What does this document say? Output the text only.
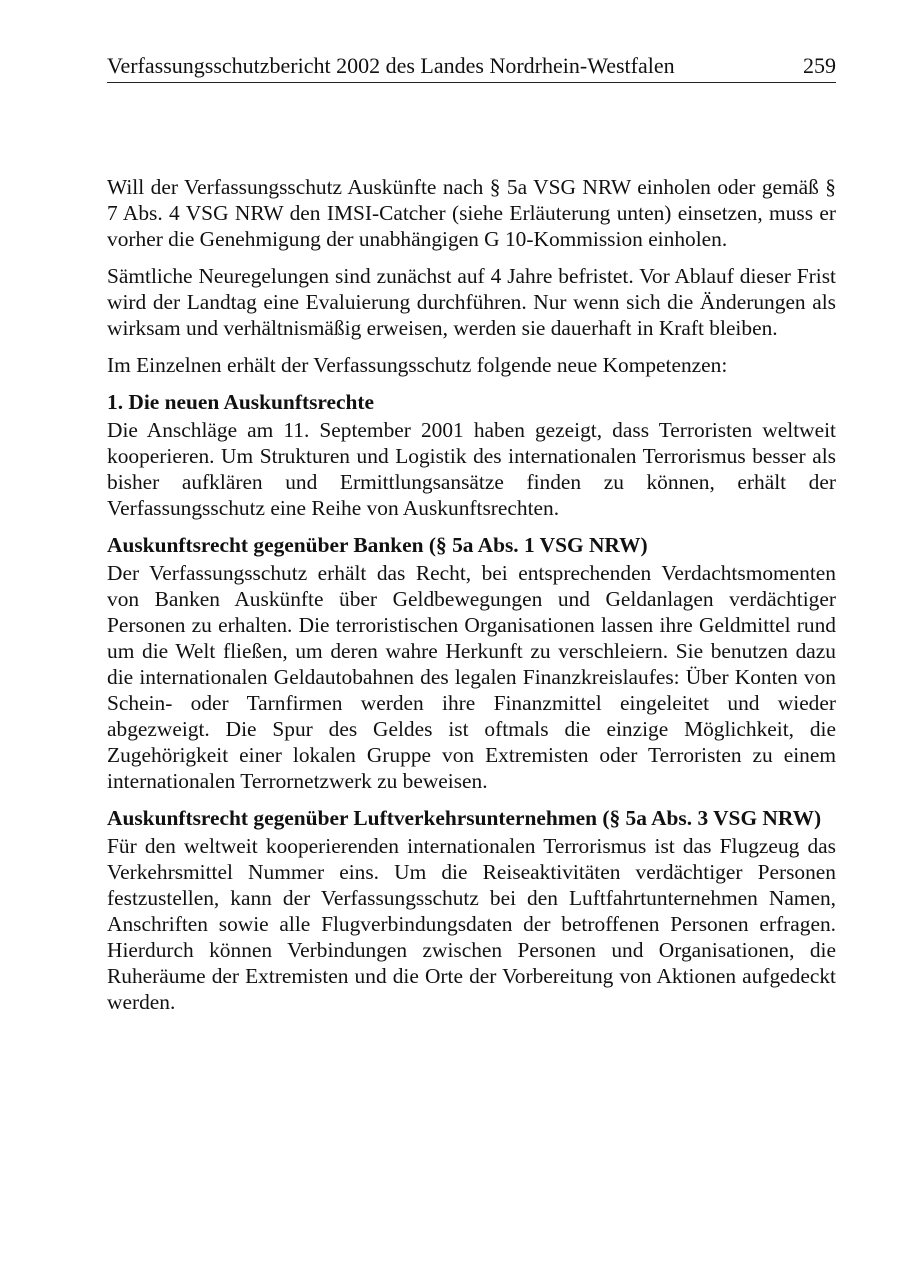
Verfassungsschutzbericht 2002 des Landes Nordrhein-Westfalen	259

Will der Verfassungsschutz Auskünfte nach § 5a VSG NRW einholen oder gemäß § 7 Abs. 4 VSG NRW den IMSI-Catcher (siehe Erläuterung unten) einsetzen, muss er vorher die Genehmigung der unabhängigen G 10-Kommission einholen.

Sämtliche Neuregelungen sind zunächst auf 4 Jahre befristet. Vor Ablauf dieser Frist wird der Landtag eine Evaluierung durchführen. Nur wenn sich die Änderungen als wirksam und verhältnismäßig erweisen, werden sie dauerhaft in Kraft bleiben.

Im Einzelnen erhält der Verfassungsschutz folgende neue Kompetenzen:

1. Die neuen Auskunftsrechte

Die Anschläge am 11. September 2001 haben gezeigt, dass Terroristen weltweit kooperieren. Um Strukturen und Logistik des internationalen Terrorismus besser als bisher aufklären und Ermittlungsansätze finden zu können, erhält der Verfassungsschutz eine Reihe von Auskunftsrechten.

Auskunftsrecht gegenüber Banken (§ 5a Abs. 1 VSG NRW)

Der Verfassungsschutz erhält das Recht, bei entsprechenden Verdachtsmomenten von Banken Auskünfte über Geldbewegungen und Geldanlagen verdächtiger Personen zu erhalten. Die terroristischen Organisationen lassen ihre Geldmittel rund um die Welt fließen, um deren wahre Herkunft zu verschleiern. Sie benutzen dazu die internationalen Geldautobahnen des legalen Finanzkreislaufes: Über Konten von Schein- oder Tarnfirmen werden ihre Finanzmittel eingeleitet und wieder abgezweigt. Die Spur des Geldes ist oftmals die einzige Möglichkeit, die Zugehörigkeit einer lokalen Gruppe von Extremisten oder Terroristen zu einem internationalen Terrornetzwerk zu beweisen.

Auskunftsrecht gegenüber Luftverkehrsunternehmen (§ 5a Abs. 3 VSG NRW)

Für den weltweit kooperierenden internationalen Terrorismus ist das Flugzeug das Verkehrsmittel Nummer eins. Um die Reiseaktivitäten verdächtiger Personen festzustellen, kann der Verfassungsschutz bei den Luftfahrtunternehmen Namen, Anschriften sowie alle Flugverbindungsdaten der betroffenen Personen erfragen. Hierdurch können Verbindungen zwischen Personen und Organisationen, die Ruheräume der Extremisten und die Orte der Vorbereitung von Aktionen aufgedeckt werden.
